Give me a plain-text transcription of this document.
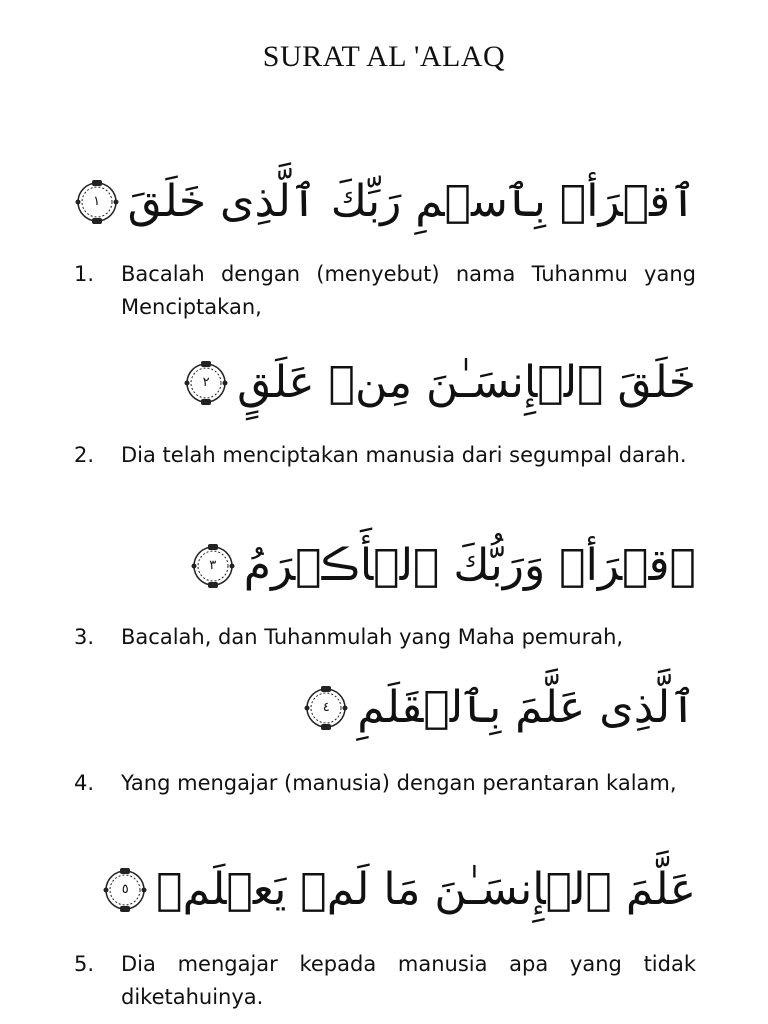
SURAT AL 'ALAQ
ٱقۡرَأۡ بِٱسۡمِ رَبِّكَ ٱلَّذِى خَلَقَ
١
1. Bacalah dengan (menyebut) nama Tuhanmu yang Menciptakan,
خَلَقَ ٱلۡإِنسَـٰنَ مِنۡ عَلَقٍ
٢
2. Dia telah menciptakan manusia dari segumpal darah.
ٱقۡرَأۡ وَرَبُّكَ ٱلۡأَڪۡرَمُ
٣
3. Bacalah, dan Tuhanmulah yang Maha pemurah,
ٱلَّذِى عَلَّمَ بِٱلۡقَلَمِ
٤
4. Yang mengajar (manusia) dengan perantaran kalam,
عَلَّمَ ٱلۡإِنسَـٰنَ مَا لَمۡ يَعۡلَمۡ
٥
5. Dia mengajar kepada manusia apa yang tidak diketahuinya.
